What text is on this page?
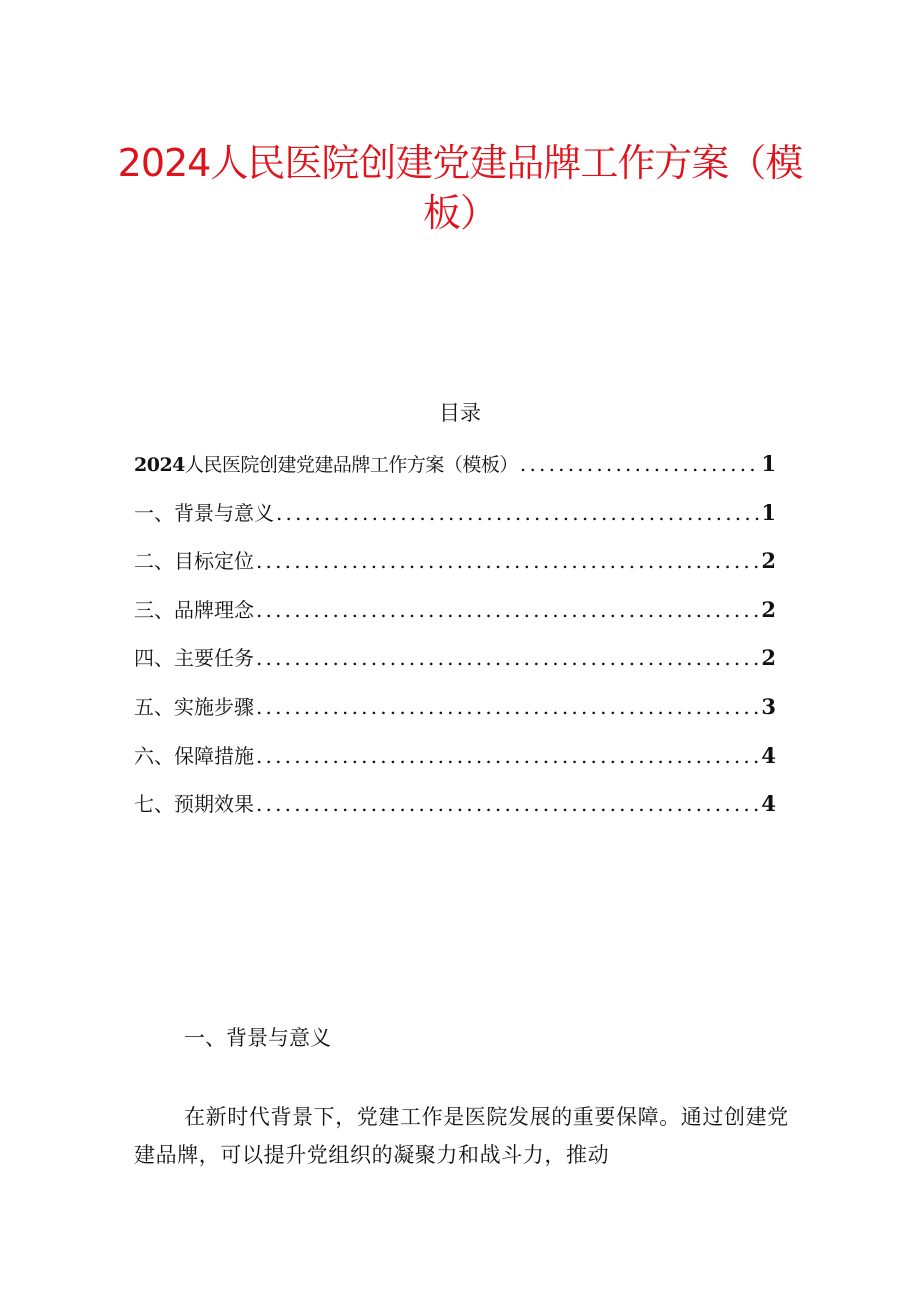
2024人民医院创建党建品牌工作方案（模板）
目录
2024人民医院创建党建品牌工作方案（模板） .....	1
一、背景与意义 .....	1
二、目标定位 .....	2
三、品牌理念 .....	2
四、主要任务 .....	2
五、实施步骤 .....	3
六、保障措施 .....	4
七、预期效果 .....	4
一、背景与意义

在新时代背景下，党建工作是医院发展的重要保障。通过创建党建品牌，可以提升党组织的凝聚力和战斗力，推动
